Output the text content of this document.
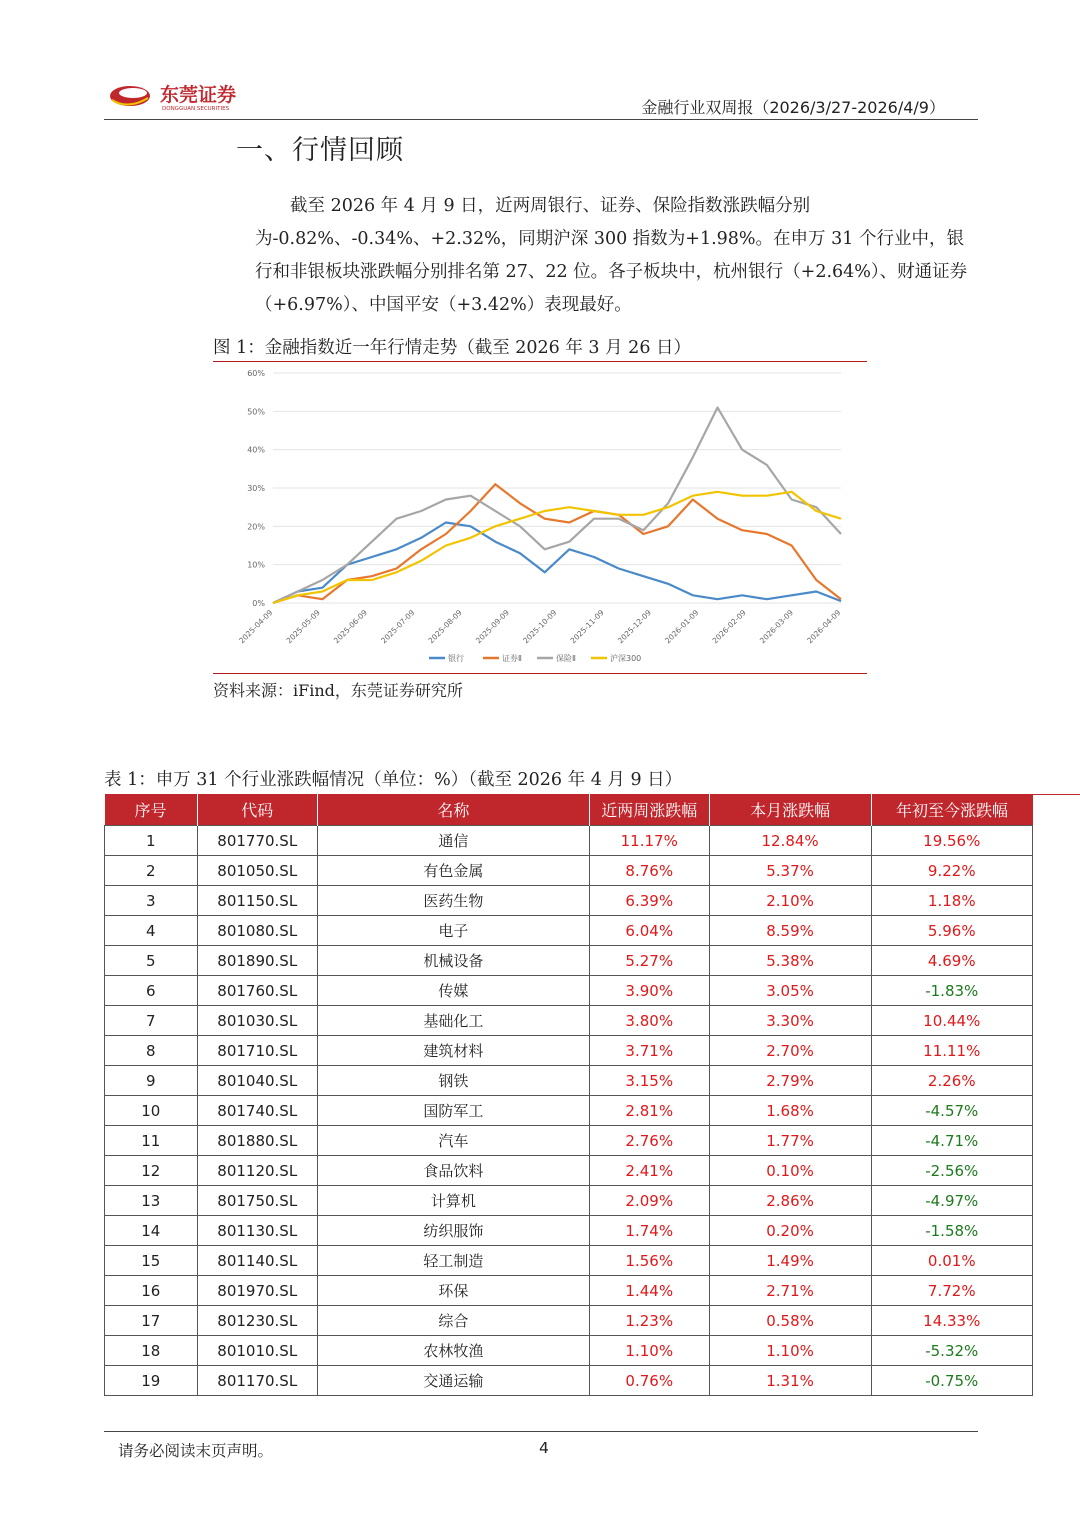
东莞证券
DONGGUAN SECURITIES	金融行业双周报（2026/3/27-2026/4/9）
一、行情回顾

截至 2026 年 4 月 9 日，近两周银行、证券、保险指数涨跌幅分别为-0.82%、-0.34%、+2.32%，同期沪深 300 指数为+1.98%。在申万 31 个行业中，银行和非银板块涨跌幅分别排名第 27、22 位。各子板块中，杭州银行（+2.64%）、财通证券（+6.97%）、中国平安（+3.42%）表现最好。

图 1：金融指数近一年行情走势（截至 2026 年 3 月 26 日）
0%
10%
20%
30%
40%
50%
60%
2025-04-09 2025-05-09 2025-06-09 2025-07-09 2025-08-09 2025-09-09 2025-10-09 2025-11-09 2025-12-09 2026-01-09 2026-02-09 2026-03-09 2026-04-09
银行	证券Ⅱ	保险Ⅱ	沪深300
资料来源：iFind，东莞证券研究所
表 1：申万 31 个行业涨跌幅情况（单位：%）（截至 2026 年 4 月 9 日）
序号	代码	名称	近两周涨跌幅	本月涨跌幅	年初至今涨跌幅
1	801770.SL	通信	11.17%	12.84%	19.56%
2	801050.SL	有色金属	8.76%	5.37%	9.22%
3	801150.SL	医药生物	6.39%	2.10%	1.18%
4	801080.SL	电子	6.04%	8.59%	5.96%
5	801890.SL	机械设备	5.27%	5.38%	4.69%
6	801760.SL	传媒	3.90%	3.05%	-1.83%
7	801030.SL	基础化工	3.80%	3.30%	10.44%
8	801710.SL	建筑材料	3.71%	2.70%	11.11%
9	801040.SL	钢铁	3.15%	2.79%	2.26%
10	801740.SL	国防军工	2.81%	1.68%	-4.57%
11	801880.SL	汽车	2.76%	1.77%	-4.71%
12	801120.SL	食品饮料	2.41%	0.10%	-2.56%
13	801750.SL	计算机	2.09%	2.86%	-4.97%
14	801130.SL	纺织服饰	1.74%	0.20%	-1.58%
15	801140.SL	轻工制造	1.56%	1.49%	0.01%
16	801970.SL	环保	1.44%	2.71%	7.72%
17	801230.SL	综合	1.23%	0.58%	14.33%
18	801010.SL	农林牧渔	1.10%	1.10%	-5.32%
19	801170.SL	交通运输	0.76%	1.31%	-0.75%
请务必阅读末页声明。	4
